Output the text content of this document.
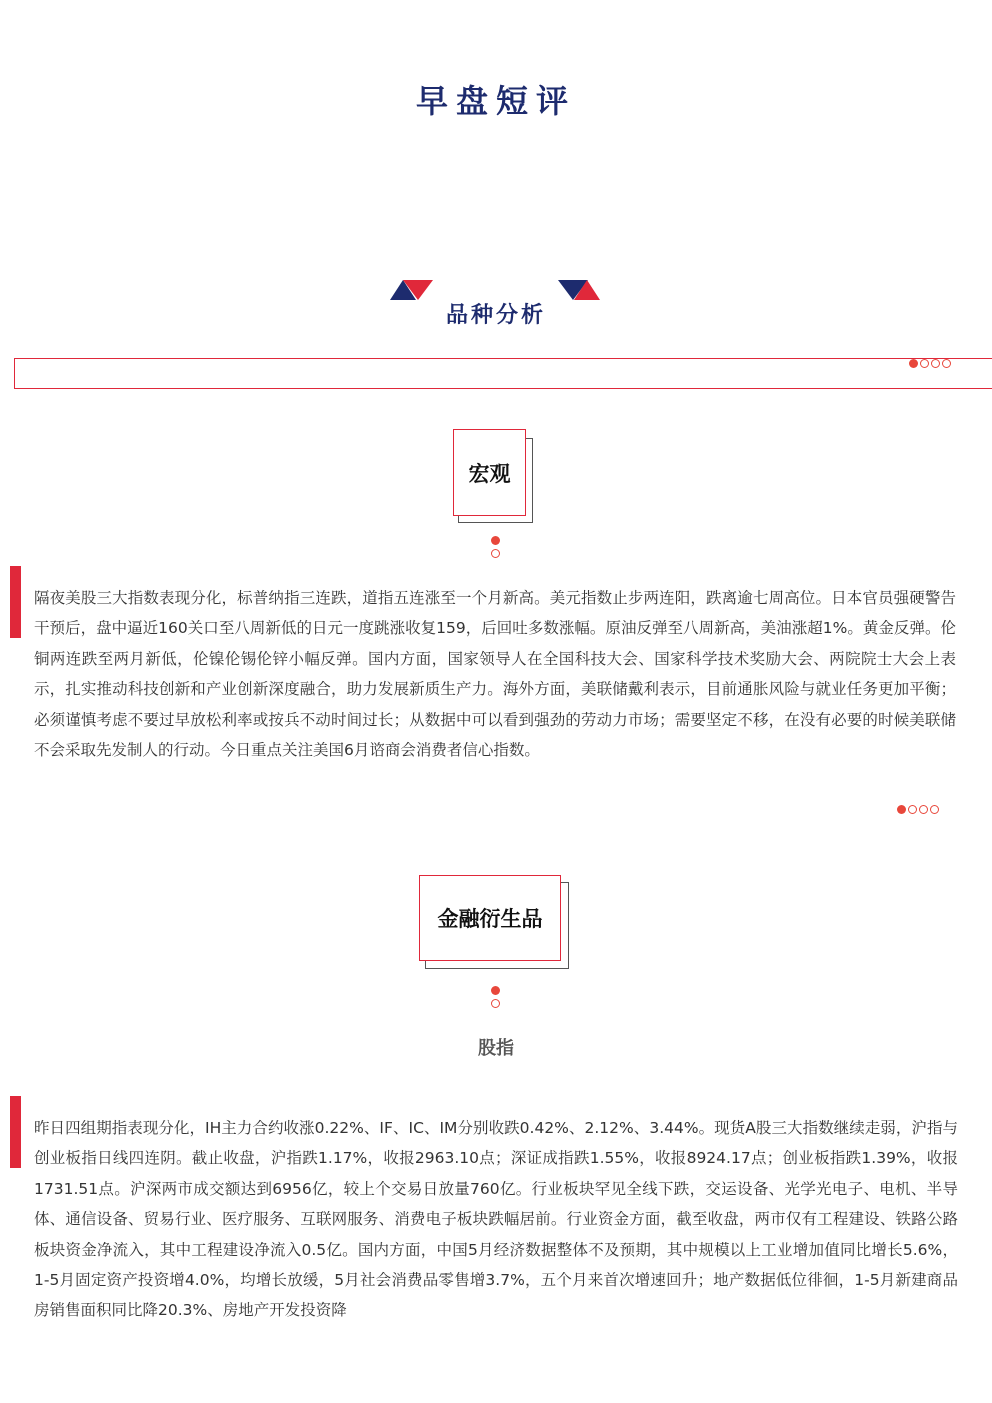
早盘短评
品种分析
宏观
隔夜美股三大指数表现分化，标普纳指三连跌，道指五连涨至一个月新高。美元指数止步两连阳，跌离逾七周高位。日本官员强硬警告干预后，盘中逼近160关口至八周新低的日元一度跳涨收复159，后回吐多数涨幅。原油反弹至八周新高，美油涨超1%。黄金反弹。伦铜两连跌至两月新低，伦镍伦锡伦锌小幅反弹。国内方面，国家领导人在全国科技大会、国家科学技术奖励大会、两院院士大会上表示，扎实推动科技创新和产业创新深度融合，助力发展新质生产力。海外方面，美联储戴利表示，目前通胀风险与就业任务更加平衡；必须谨慎考虑不要过早放松利率或按兵不动时间过长；从数据中可以看到强劲的劳动力市场；需要坚定不移，在没有必要的时候美联储不会采取先发制人的行动。今日重点关注美国6月谘商会消费者信心指数。
金融衍生品
股指
昨日四组期指表现分化，IH主力合约收涨0.22%、IF、IC、IM分别收跌0.42%、2.12%、3.44%。现货A股三大指数继续走弱，沪指与创业板指日线四连阴。截止收盘，沪指跌1.17%，收报2963.10点；深证成指跌1.55%，收报8924.17点；创业板指跌1.39%，收报1731.51点。沪深两市成交额达到6956亿，较上个交易日放量760亿。行业板块罕见全线下跌，交运设备、光学光电子、电机、半导体、通信设备、贸易行业、医疗服务、互联网服务、消费电子板块跌幅居前。行业资金方面，截至收盘，两市仅有工程建设、铁路公路板块资金净流入，其中工程建设净流入0.5亿。国内方面，中国5月经济数据整体不及预期，其中规模以上工业增加值同比增长5.6%，1-5月固定资产投资增4.0%，均增长放缓，5月社会消费品零售增3.7%，五个月来首次增速回升；地产数据低位徘徊，1-5月新建商品房销售面积同比降20.3%、房地产开发投资降
